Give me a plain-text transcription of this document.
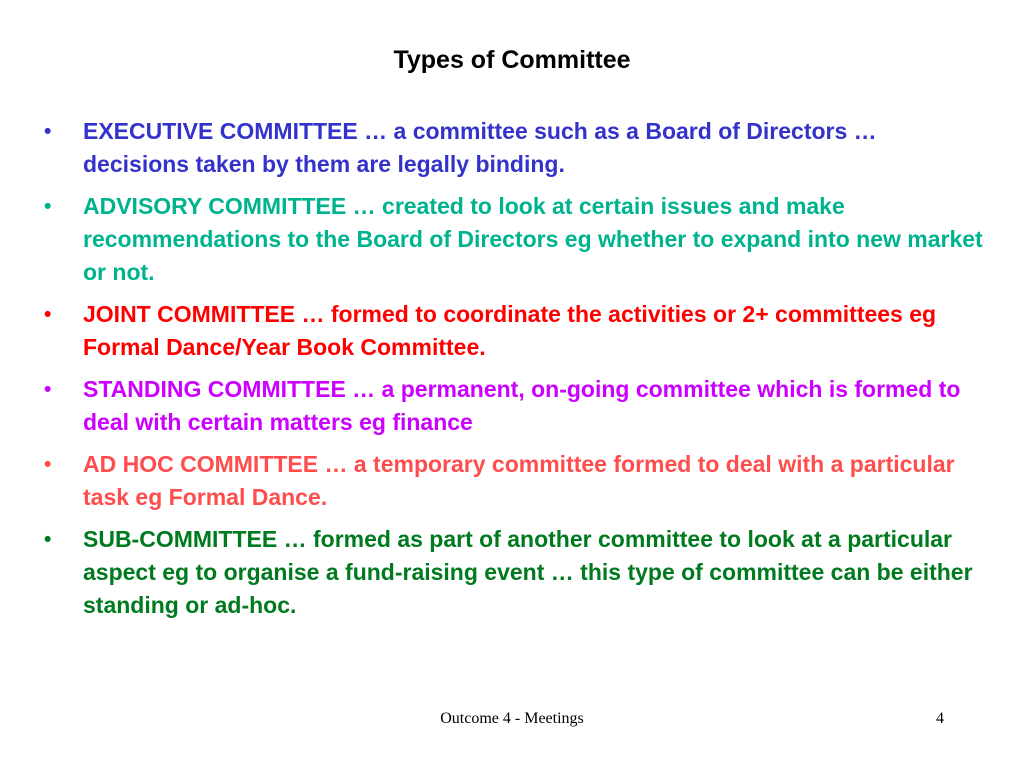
Types of Committee
•	EXECUTIVE COMMITTEE … a committee such as a Board of Directors … decisions taken by them are legally binding.
•	ADVISORY COMMITTEE … created to look at certain issues and make recommendations to the Board of Directors eg whether to expand into new market or not.
•	JOINT COMMITTEE … formed to coordinate the activities or 2+ committees eg Formal Dance/Year Book Committee.
•	STANDING COMMITTEE … a permanent, on-going committee which is formed to deal with certain matters eg finance
•	AD HOC COMMITTEE … a temporary committee formed to deal with a particular task eg Formal Dance.
•	SUB-COMMITTEE … formed as part of another committee to look at a particular aspect eg to organise a fund-raising event … this type of committee can be either standing or ad-hoc.
Outcome 4 - Meetings	4
